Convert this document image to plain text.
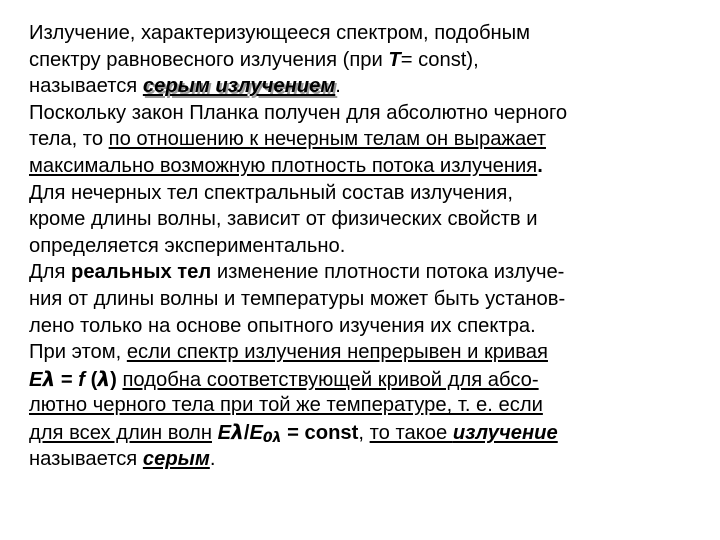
Излучение, характеризующееся спектром, подобным
спектру равновесного излучения (при T= const),
называется серым излучением.
Поскольку закон Планка получен для абсолютно черного
тела, то по отношению к нечерным телам он выражает
максимально возможную плотность потока излучения.
Для нечерных тел спектральный состав излучения,
кроме длины волны, зависит от физических свойств и
определяется экспериментально.
Для реальных тел изменение плотности потока излуче-
ния от длины волны и температуры может быть установ-
лено только на основе опытного изучения их спектра.
При этом, если спектр излучения непрерывен и кривая
Eλ = f (λ) подобна соответствующей кривой для абсо-
лютно черного тела при той же температуре, т. е. если
для всех длин волн $E\lambda/E_{0\lambda}$ = const, то такое излучение
называется серым.
